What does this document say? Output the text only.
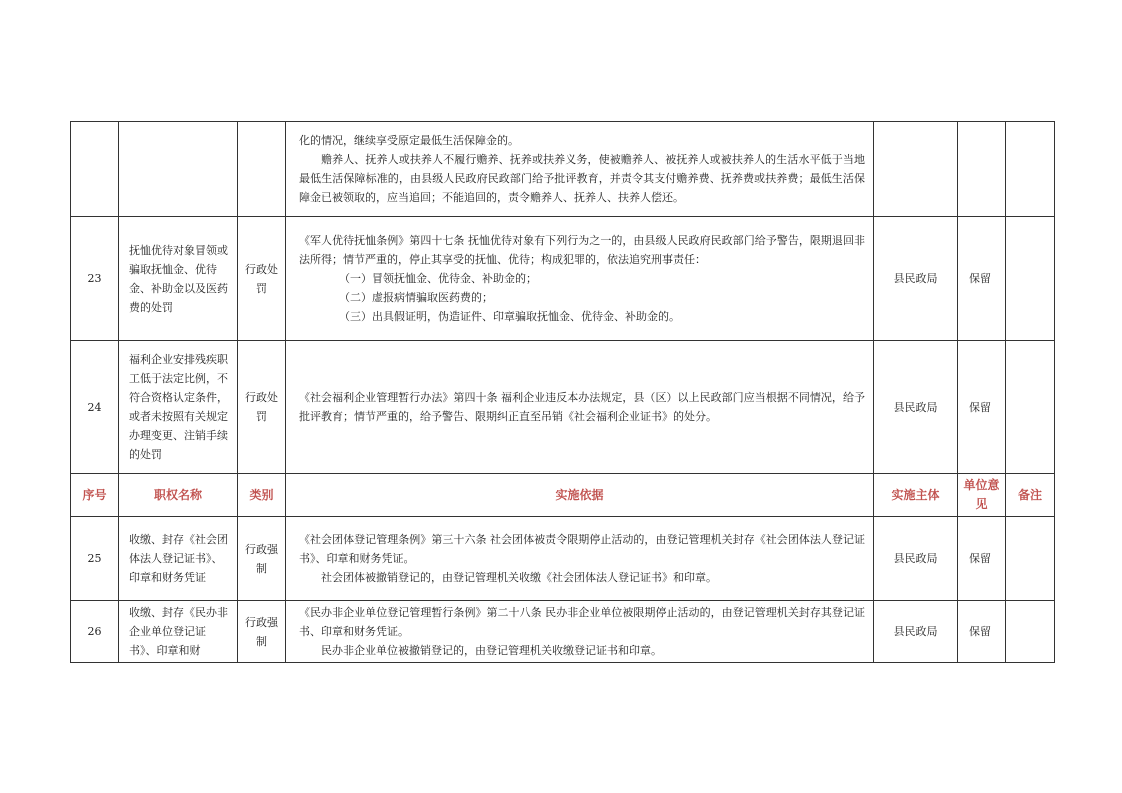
			化的情况，继续享受原定最低生活保障金的。

赡养人、抚养人或扶养人不履行赡养、抚养或扶养义务，使被赡养人、被抚养人或被扶养人的生活水平低于当地最低生活保障标准的，由县级人民政府民政部门给予批评教育，并责令其支付赡养费、抚养费或扶养费；最低生活保障金已被领取的，应当追回；不能追回的，责令赡养人、抚养人、扶养人偿还。			

23	抚恤优待对象冒领或骗取抚恤金、优待金、补助金以及医药费的处罚	行政处罚	《军人优待抚恤条例》第四十七条 抚恤优待对象有下列行为之一的，由县级人民政府民政部门给予警告，限期退回非法所得；情节严重的，停止其享受的抚恤、优待；构成犯罪的，依法追究刑事责任：

（一）冒领抚恤金、优待金、补助金的；

（二）虚报病情骗取医药费的；

（三）出具假证明，伪造证件、印章骗取抚恤金、优待金、补助金的。	县民政局	保留	
24	福利企业安排残疾职工低于法定比例，不符合资格认定条件，或者未按照有关规定办理变更、注销手续的处罚	行政处罚	《社会福利企业管理暂行办法》第四十条 福利企业违反本办法规定，县（区）以上民政部门应当根据不同情况，给予批评教育；情节严重的，给予警告、限期纠正直至吊销《社会福利企业证书》的处分。	县民政局	保留	
序号	职权名称	类别	实施依据	实施主体	单位意见	备注
25	收缴、封存《社会团体法人登记证书》、印章和财务凭证	行政强制	《社会团体登记管理条例》第三十六条 社会团体被责令限期停止活动的，由登记管理机关封存《社会团体法人登记证书》、印章和财务凭证。

社会团体被撤销登记的，由登记管理机关收缴《社会团体法人登记证书》和印章。	县民政局	保留	
26	收缴、封存《民办非企业单位登记证书》、印章和财	行政强制	《民办非企业单位登记管理暂行条例》第二十八条 民办非企业单位被限期停止活动的，由登记管理机关封存其登记证书、印章和财务凭证。

民办非企业单位被撤销登记的，由登记管理机关收缴登记证书和印章。	县民政局	保留	
